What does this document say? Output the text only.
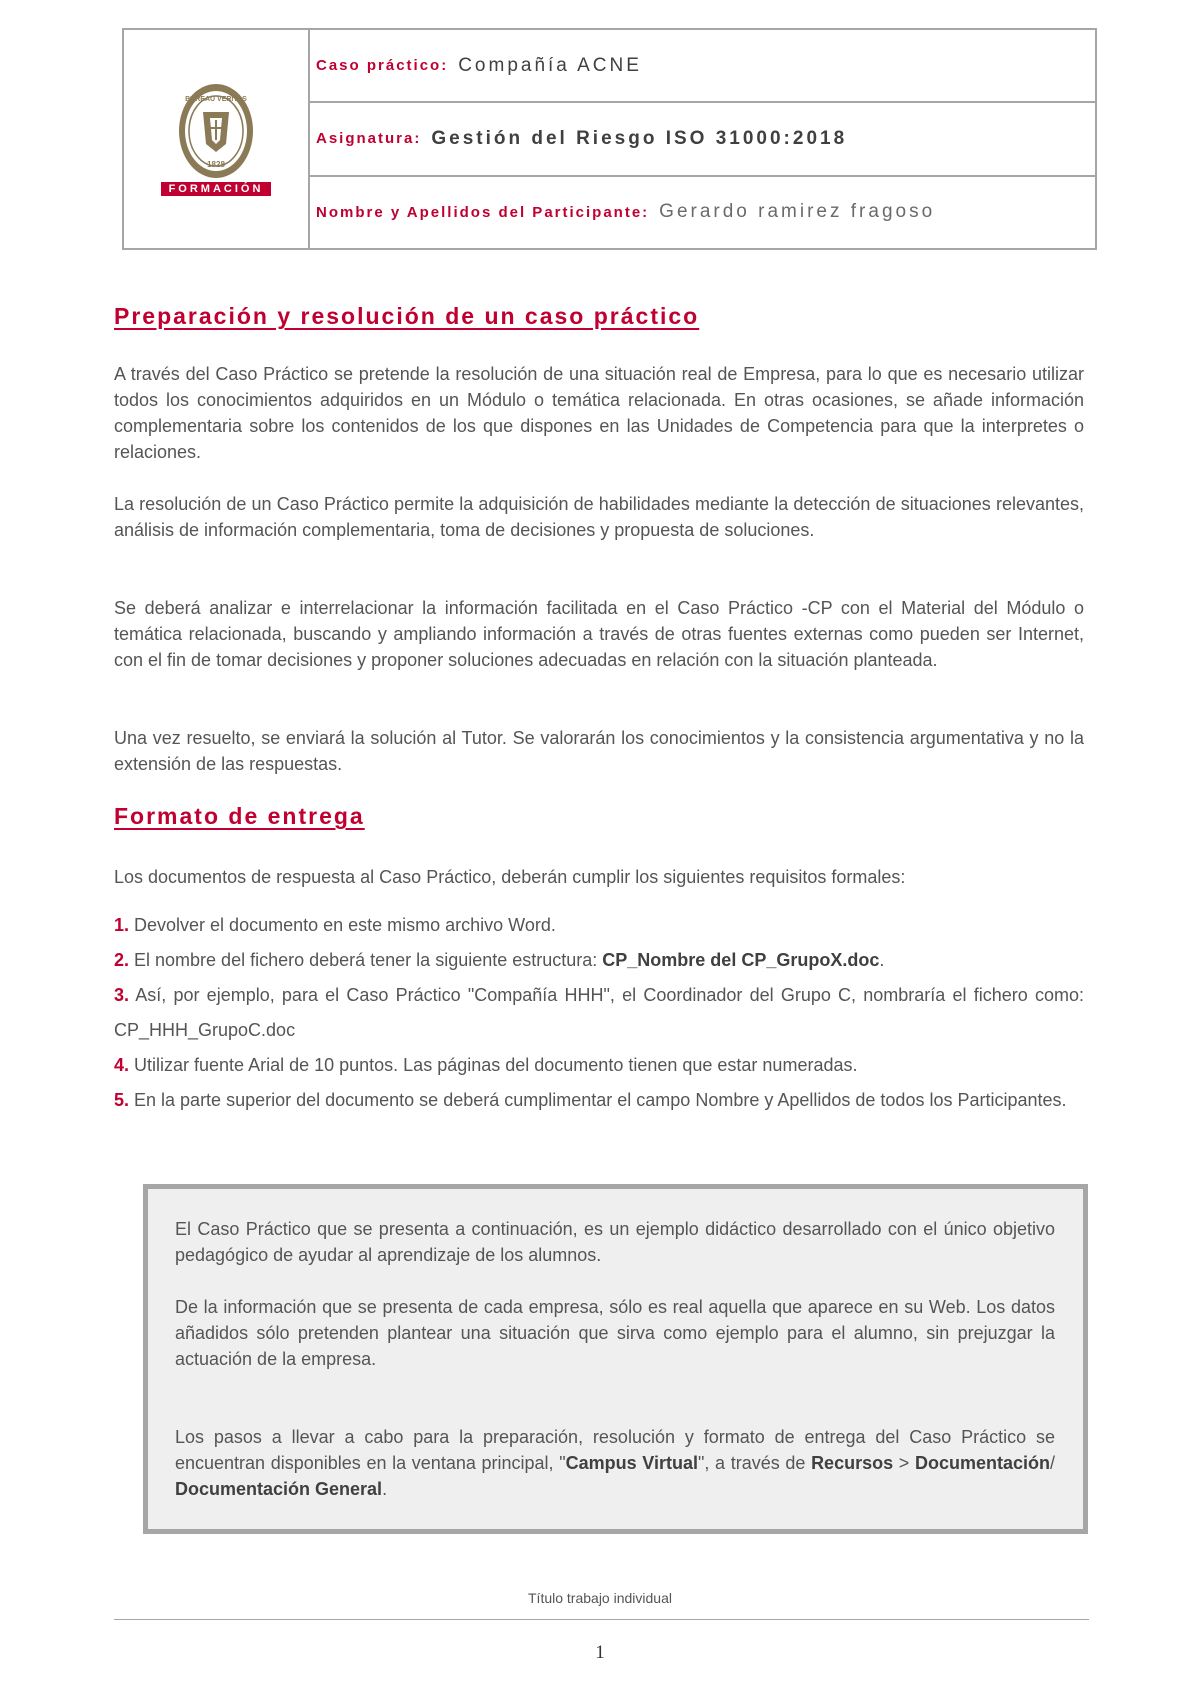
BUREAU VERITAS
1828
FORMACIÓN
Caso práctico: Compañía ACNE
Asignatura: Gestión del Riesgo ISO 31000:2018
Nombre y Apellidos del Participante: Gerardo ramirez fragoso
Preparación y resolución de un caso práctico

A través del Caso Práctico se pretende la resolución de una situación real de Empresa, para lo que es necesario utilizar todos los conocimientos adquiridos en un Módulo o temática relacionada. En otras ocasiones, se añade información complementaria sobre los contenidos de los que dispones en las Unidades de Competencia para que la interpretes o relaciones.

La resolución de un Caso Práctico permite la adquisición de habilidades mediante la detección de situaciones relevantes, análisis de información complementaria, toma de decisiones y propuesta de soluciones.

Se deberá analizar e interrelacionar la información facilitada en el Caso Práctico -CP con el Material del Módulo o temática relacionada, buscando y ampliando información a través de otras fuentes externas como pueden ser Internet, con el fin de tomar decisiones y proponer soluciones adecuadas en relación con la situación planteada.

Una vez resuelto, se enviará la solución al Tutor. Se valorarán los conocimientos y la consistencia argumentativa y no la extensión de las respuestas.

Formato de entrega

Los documentos de respuesta al Caso Práctico, deberán cumplir los siguientes requisitos formales:

1. Devolver el documento en este mismo archivo Word.

2. El nombre del fichero deberá tener la siguiente estructura: CP_Nombre del CP_GrupoX.doc.

3. Así, por ejemplo, para el Caso Práctico "Compañía HHH", el Coordinador del Grupo C, nombraría el fichero como: CP_HHH_GrupoC.doc

4. Utilizar fuente Arial de 10 puntos. Las páginas del documento tienen que estar numeradas.

5. En la parte superior del documento se deberá cumplimentar el campo Nombre y Apellidos de todos los Participantes.

El Caso Práctico que se presenta a continuación, es un ejemplo didáctico desarrollado con el único objetivo pedagógico de ayudar al aprendizaje de los alumnos.

De la información que se presenta de cada empresa, sólo es real aquella que aparece en su Web. Los datos añadidos sólo pretenden plantear una situación que sirva como ejemplo para el alumno, sin prejuzgar la actuación de la empresa.

Los pasos a llevar a cabo para la preparación, resolución y formato de entrega del Caso Práctico se encuentran disponibles en la ventana principal, "Campus Virtual", a través de Recursos > Documentación/ Documentación General.

Título trabajo individual
1
